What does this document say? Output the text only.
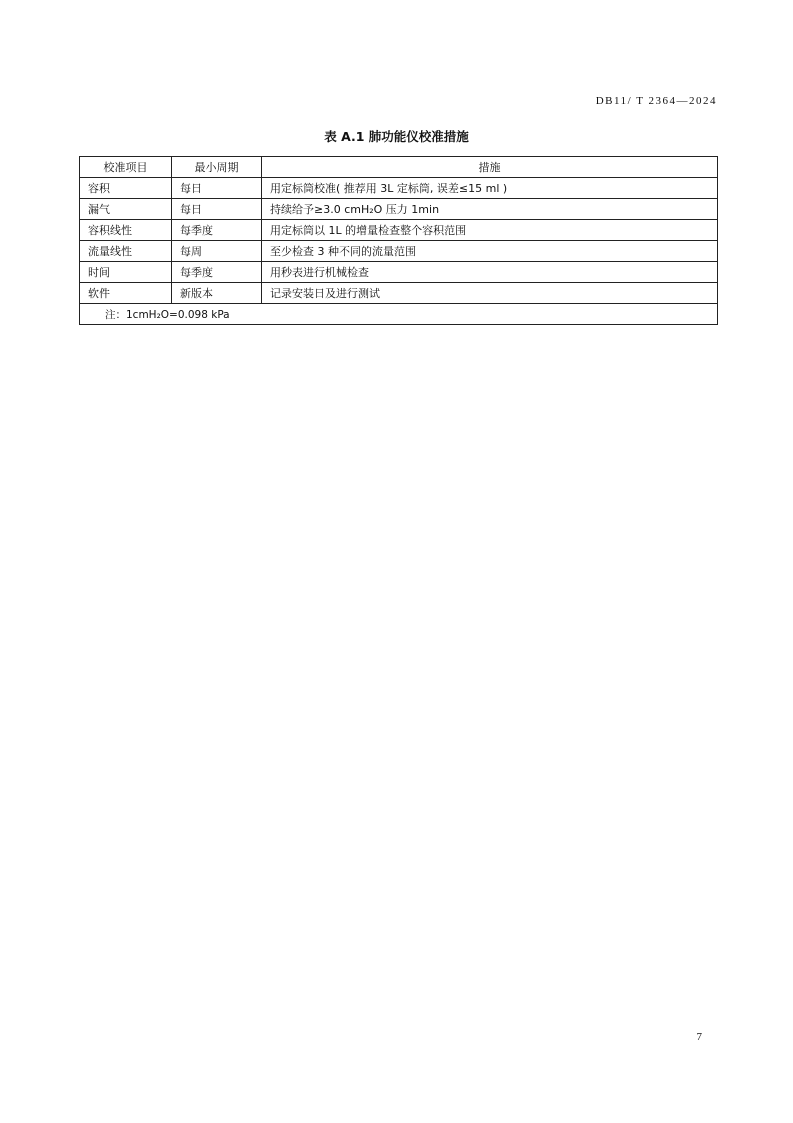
DB11/ T 2364—2024
表 A.1 肺功能仪校准措施
校准项目	最小周期	措施
容积	每日	用定标筒校准( 推荐用 3L 定标筒, 误差≤15 ml )
漏气	每日	持续给予≥3.0 cmH₂O 压力 1min
容积线性	每季度	用定标筒以 1L 的增量检查整个容积范围
流量线性	每周	至少检查 3 种不同的流量范围
时间	每季度	用秒表进行机械检查
软件	新版本	记录安装日及进行测试
注：1cmH₂O=0.098 kPa		
7
